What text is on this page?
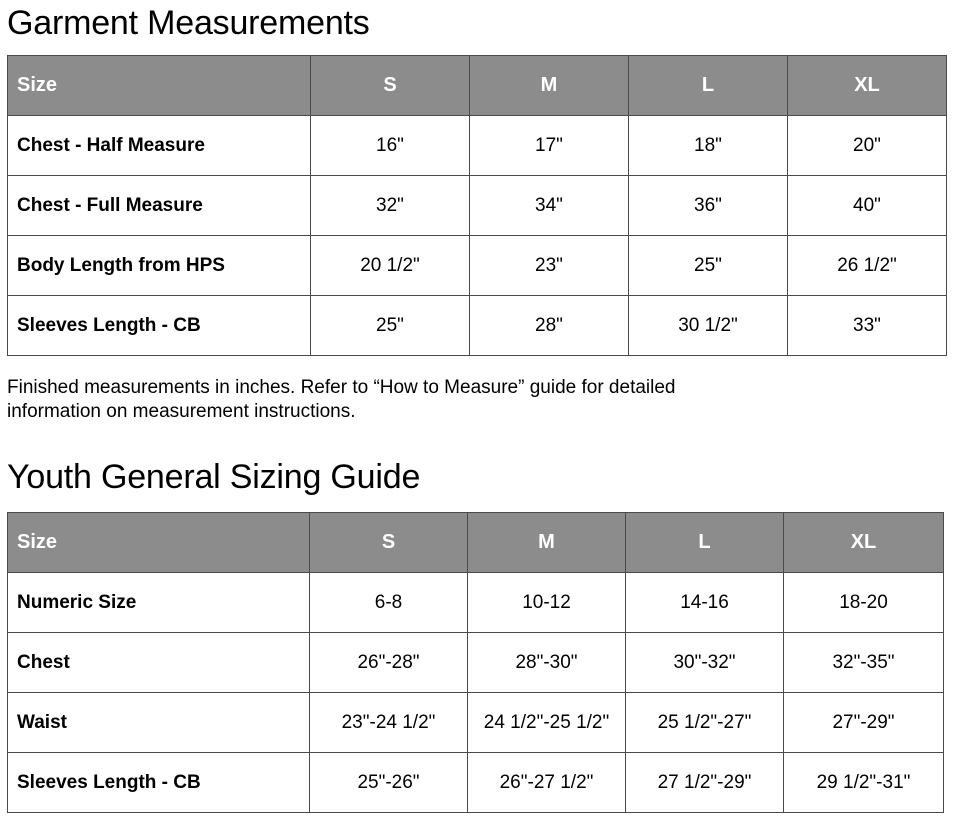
Garment Measurements
Size	S	M	L	XL
Chest - Half Measure	16"	17"	18"	20"
Chest - Full Measure	32"	34"	36"	40"
Body Length from HPS	20 1/2"	23"	25"	26 1/2"
Sleeves Length - CB	25"	28"	30 1/2"	33"

Finished measurements in inches. Refer to “How to Measure” guide for detailed information on measurement instructions.

Youth General Sizing Guide
Size	S	M	L	XL
Numeric Size	6-8	10-12	14-16	18-20
Chest	26"-28"	28"-30"	30"-32"	32"-35"
Waist	23"-24 1/2"	24 1/2"-25 1/2"	25 1/2"-27"	27"-29"
Sleeves Length - CB	25"-26"	26"-27 1/2"	27 1/2"-29"	29 1/2"-31"
